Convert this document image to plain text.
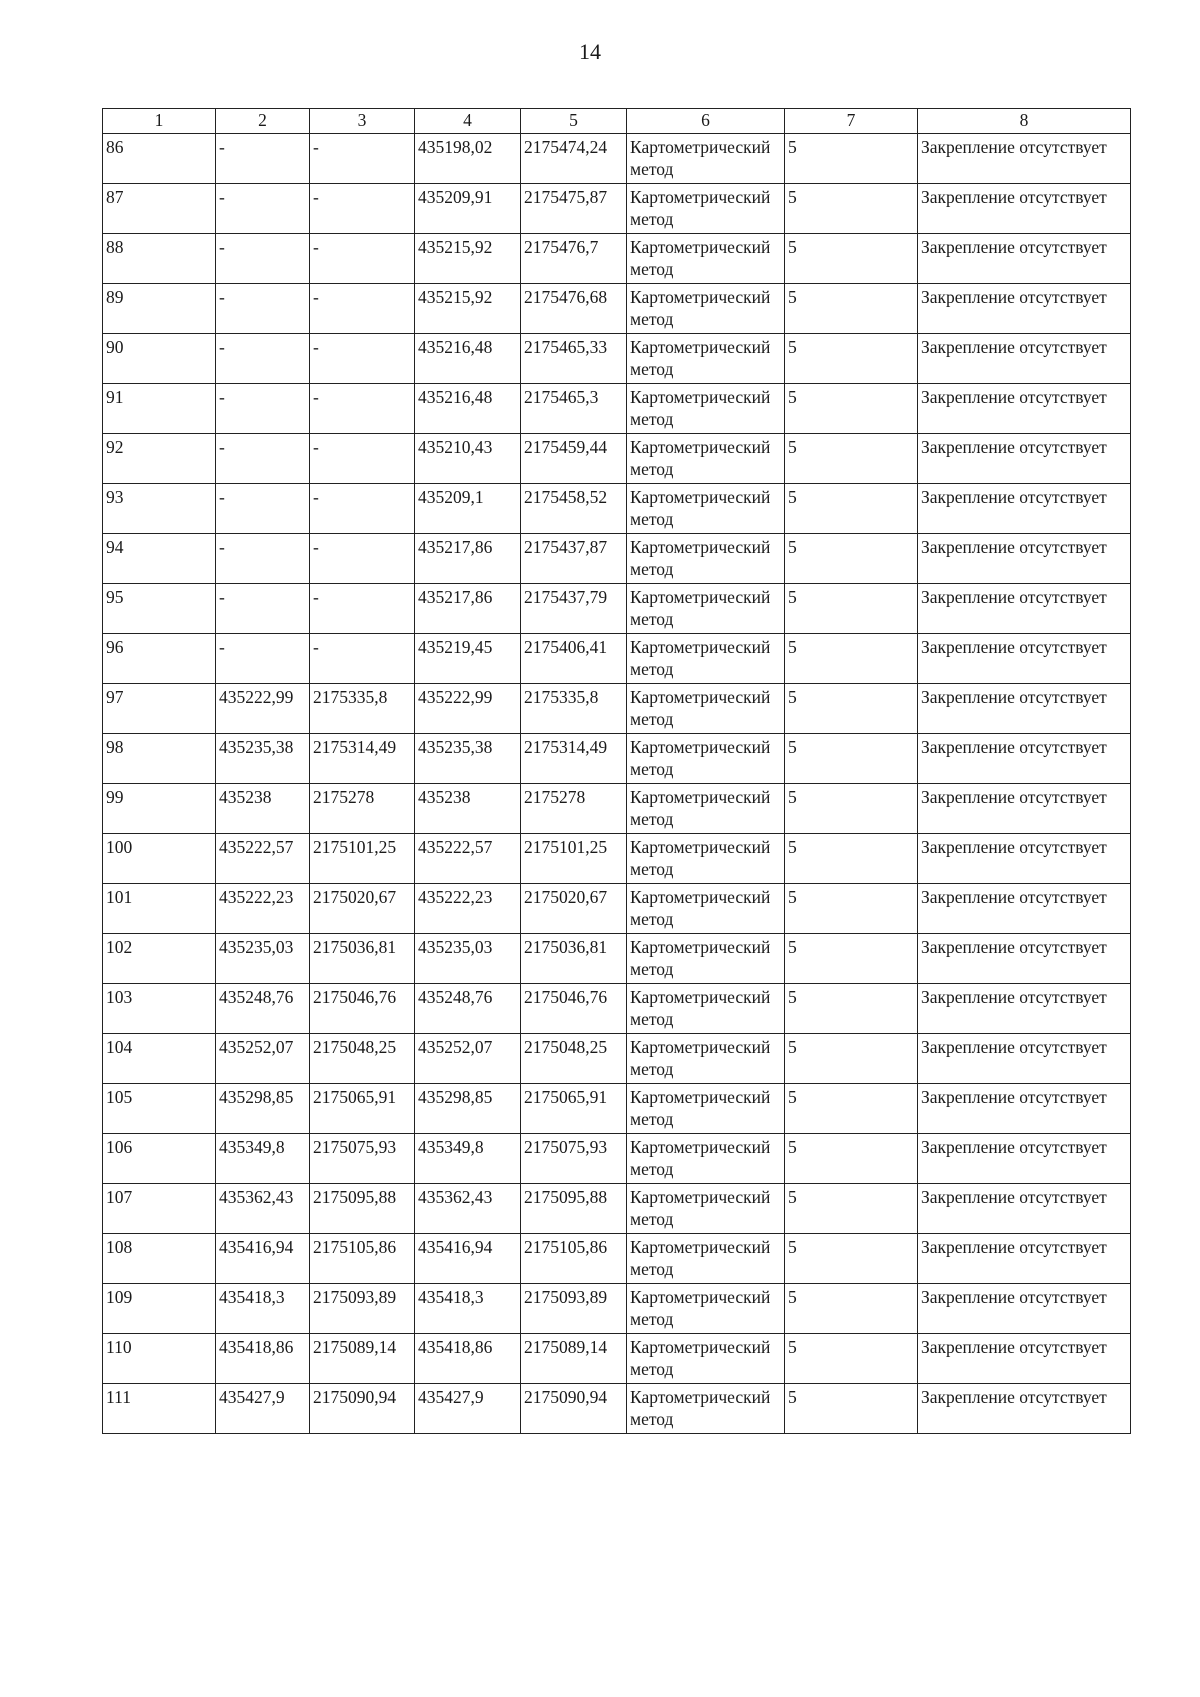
14
1	2	3	4	5	6	7	8
86	-	-	435198,02	2175474,24	Картометрический метод	5	Закрепление отсутствует
87	-	-	435209,91	2175475,87	Картометрический метод	5	Закрепление отсутствует
88	-	-	435215,92	2175476,7	Картометрический метод	5	Закрепление отсутствует
89	-	-	435215,92	2175476,68	Картометрический метод	5	Закрепление отсутствует
90	-	-	435216,48	2175465,33	Картометрический метод	5	Закрепление отсутствует
91	-	-	435216,48	2175465,3	Картометрический метод	5	Закрепление отсутствует
92	-	-	435210,43	2175459,44	Картометрический метод	5	Закрепление отсутствует
93	-	-	435209,1	2175458,52	Картометрический метод	5	Закрепление отсутствует
94	-	-	435217,86	2175437,87	Картометрический метод	5	Закрепление отсутствует
95	-	-	435217,86	2175437,79	Картометрический метод	5	Закрепление отсутствует
96	-	-	435219,45	2175406,41	Картометрический метод	5	Закрепление отсутствует
97	435222,99	2175335,8	435222,99	2175335,8	Картометрический метод	5	Закрепление отсутствует
98	435235,38	2175314,49	435235,38	2175314,49	Картометрический метод	5	Закрепление отсутствует
99	435238	2175278	435238	2175278	Картометрический метод	5	Закрепление отсутствует
100	435222,57	2175101,25	435222,57	2175101,25	Картометрический метод	5	Закрепление отсутствует
101	435222,23	2175020,67	435222,23	2175020,67	Картометрический метод	5	Закрепление отсутствует
102	435235,03	2175036,81	435235,03	2175036,81	Картометрический метод	5	Закрепление отсутствует
103	435248,76	2175046,76	435248,76	2175046,76	Картометрический метод	5	Закрепление отсутствует
104	435252,07	2175048,25	435252,07	2175048,25	Картометрический метод	5	Закрепление отсутствует
105	435298,85	2175065,91	435298,85	2175065,91	Картометрический метод	5	Закрепление отсутствует
106	435349,8	2175075,93	435349,8	2175075,93	Картометрический метод	5	Закрепление отсутствует
107	435362,43	2175095,88	435362,43	2175095,88	Картометрический метод	5	Закрепление отсутствует
108	435416,94	2175105,86	435416,94	2175105,86	Картометрический метод	5	Закрепление отсутствует
109	435418,3	2175093,89	435418,3	2175093,89	Картометрический метод	5	Закрепление отсутствует
110	435418,86	2175089,14	435418,86	2175089,14	Картометрический метод	5	Закрепление отсутствует
111	435427,9	2175090,94	435427,9	2175090,94	Картометрический метод	5	Закрепление отсутствует
